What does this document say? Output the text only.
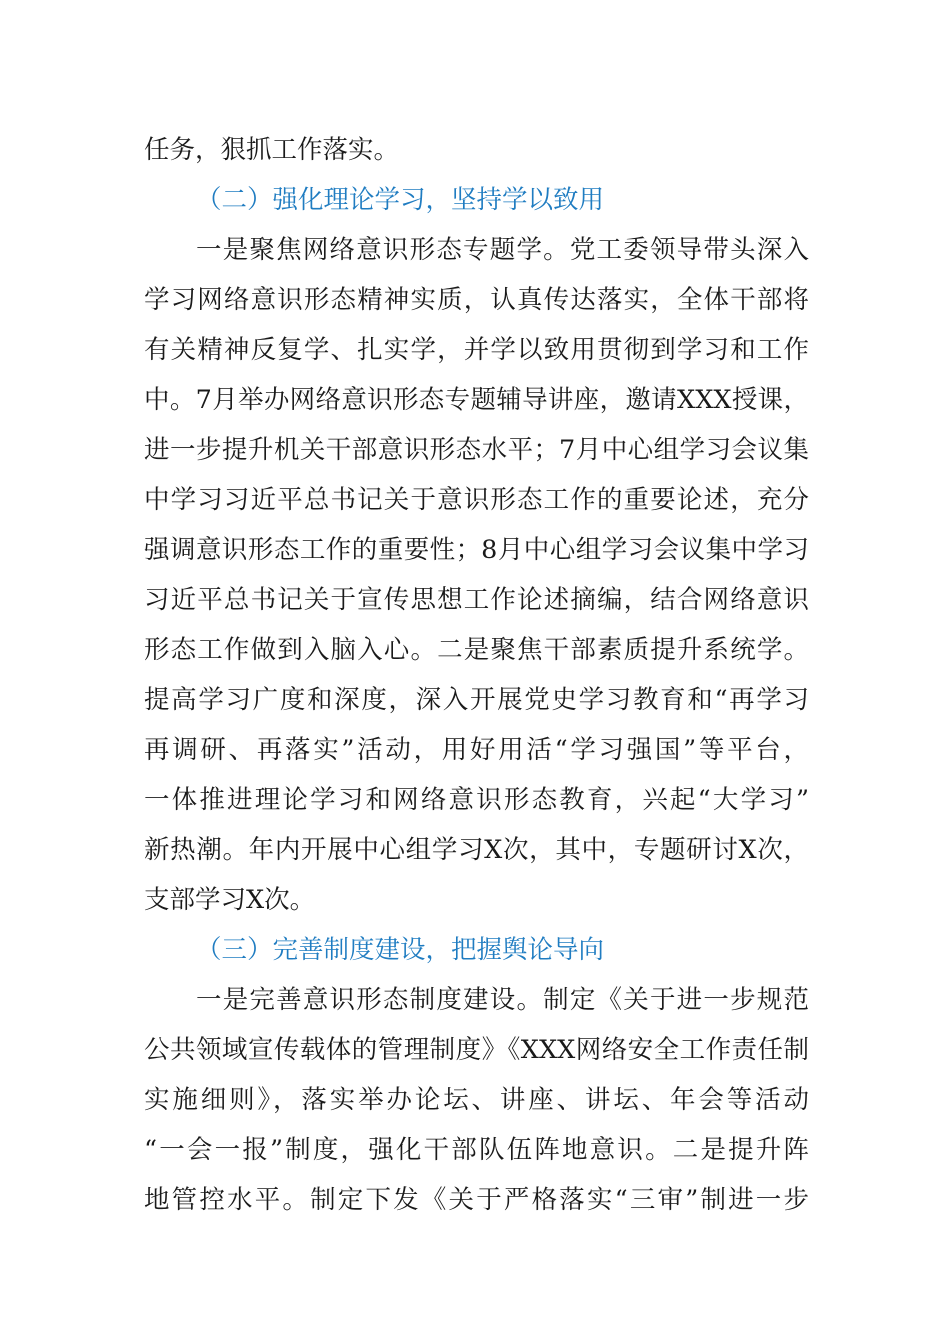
任务，狠抓工作落实。
（二）强化理论学习，坚持学以致用
一是聚焦网络意识形态专题学。党工委领导带头深入
学习网络意识形态精神实质，认真传达落实，全体干部将
有关精神反复学、扎实学，并学以致用贯彻到学习和工作
中。7月举办网络意识形态专题辅导讲座，邀请XXX授课，
进一步提升机关干部意识形态水平；7月中心组学习会议集
中学习习近平总书记关于意识形态工作的重要论述，充分
强调意识形态工作的重要性；8月中心组学习会议集中学习
习近平总书记关于宣传思想工作论述摘编，结合网络意识
形态工作做到入脑入心。二是聚焦干部素质提升系统学。
提高学习广度和深度，深入开展党史学习教育和“再学习
再调研、再落实”活动，用好用活“学习强国”等平台，
一体推进理论学习和网络意识形态教育，兴起“大学习”
新热潮。年内开展中心组学习X次，其中，专题研讨X次，
支部学习X次。
（三）完善制度建设，把握舆论导向
一是完善意识形态制度建设。制定《关于进一步规范
公共领域宣传载体的管理制度》《XXX网络安全工作责任制
实施细则》，落实举办论坛、讲座、讲坛、年会等活动
“一会一报”制度，强化干部队伍阵地意识。二是提升阵
地管控水平。制定下发《关于严格落实“三审”制进一步
